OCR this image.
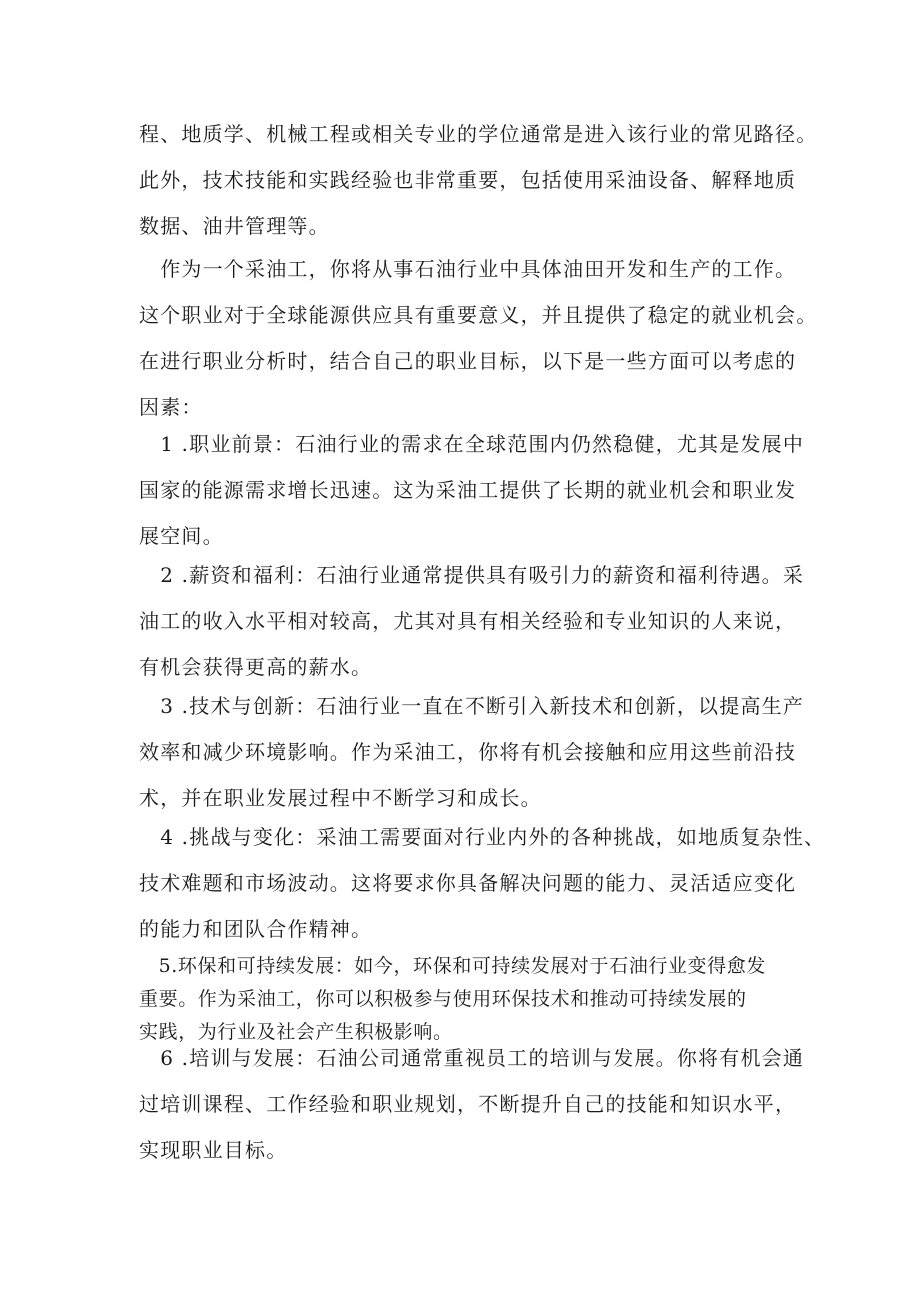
程、地质学、机械工程或相关专业的学位通常是进入该行业的常见路径。
此外，技术技能和实践经验也非常重要，包括使用采油设备、解释地质
数据、油井管理等。

　作为一个采油工，你将从事石油行业中具体油田开发和生产的工作。
这个职业对于全球能源供应具有重要意义，并且提供了稳定的就业机会。
在进行职业分析时，结合自己的职业目标，以下是一些方面可以考虑的
因素：

　1 .职业前景：石油行业的需求在全球范围内仍然稳健，尤其是发展中
国家的能源需求增长迅速。这为采油工提供了长期的就业机会和职业发
展空间。

　2 .薪资和福利：石油行业通常提供具有吸引力的薪资和福利待遇。采
油工的收入水平相对较高，尤其对具有相关经验和专业知识的人来说，
有机会获得更高的薪水。

　3 .技术与创新：石油行业一直在不断引入新技术和创新，以提高生产
效率和减少环境影响。作为采油工，你将有机会接触和应用这些前沿技
术，并在职业发展过程中不断学习和成长。

　4 .挑战与变化：采油工需要面对行业内外的各种挑战，如地质复杂性、
技术难题和市场波动。这将要求你具备解决问题的能力、灵活适应变化
的能力和团队合作精神。

　5.环保和可持续发展：如今，环保和可持续发展对于石油行业变得愈发
重要。作为采油工，你可以积极参与使用环保技术和推动可持续发展的
实践，为行业及社会产生积极影响。

　6 .培训与发展：石油公司通常重视员工的培训与发展。你将有机会通
过培训课程、工作经验和职业规划，不断提升自己的技能和知识水平，
实现职业目标。
